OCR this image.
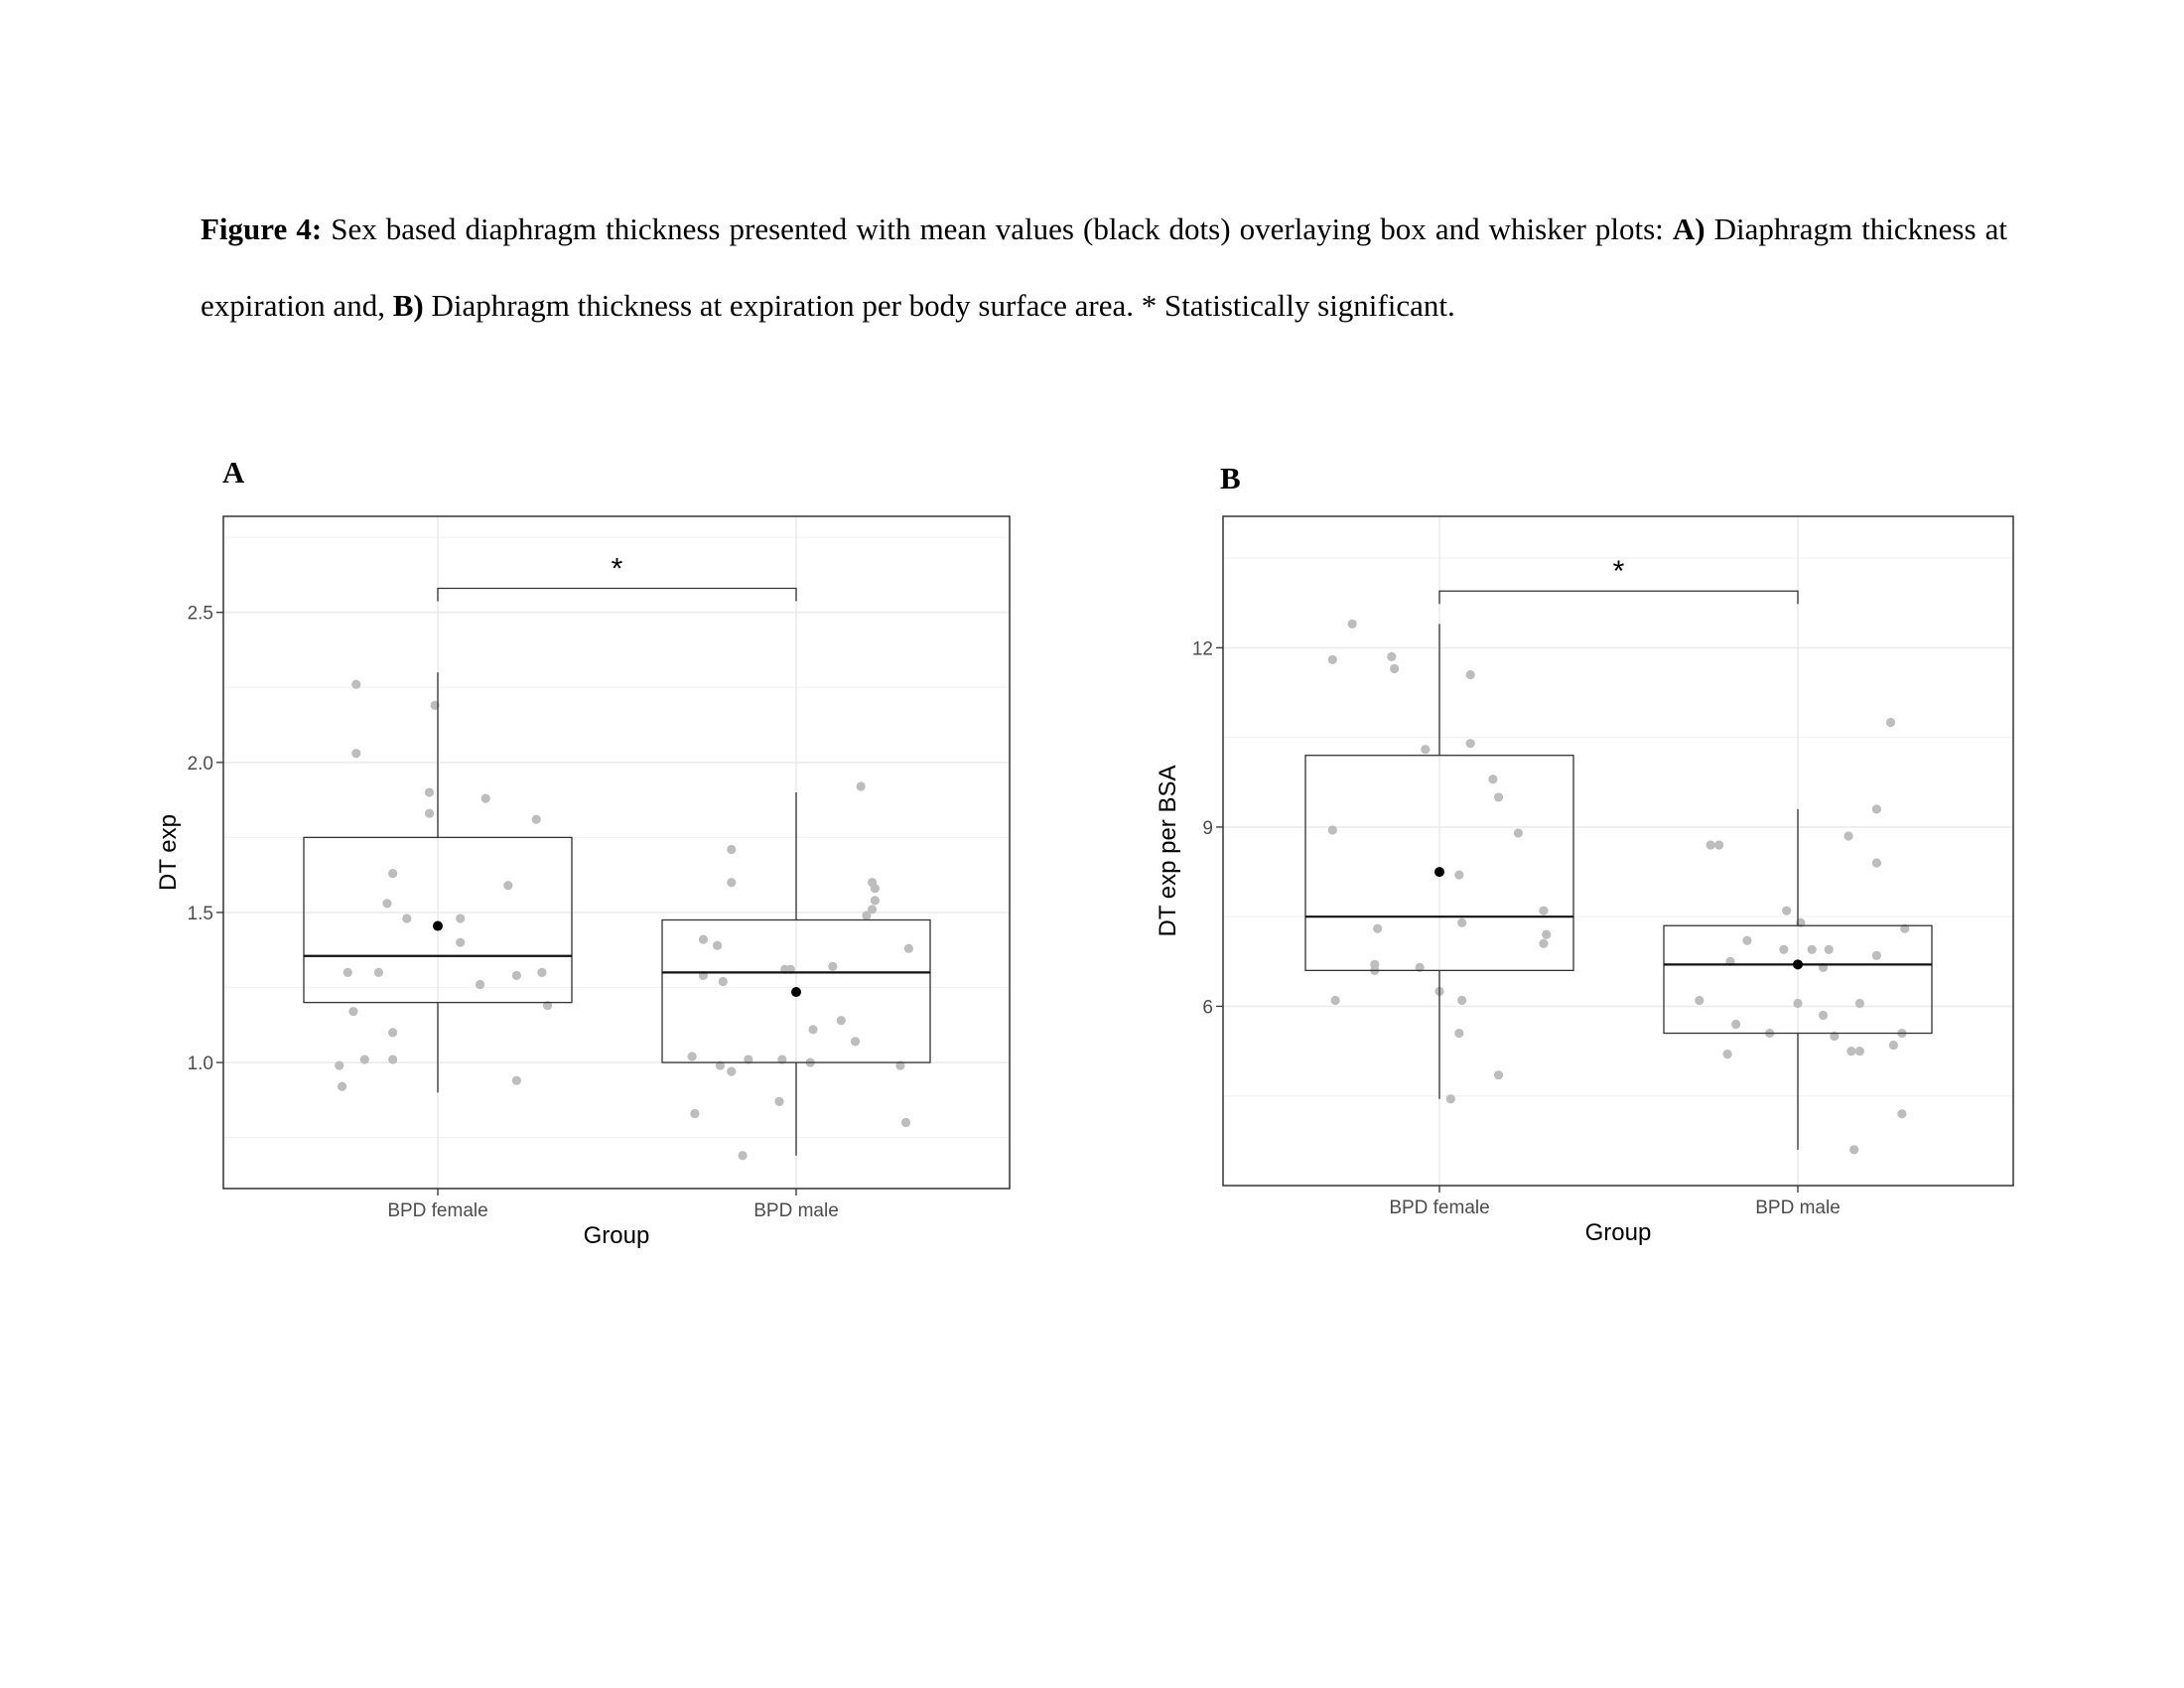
Figure 4: Sex based diaphragm thickness presented with mean values (black dots) overlaying box and whisker plots: A) Diaphragm thickness at expiration and, B) Diaphragm thickness at expiration per body surface area. * Statistically significant.
A	B
*
1.0
1.5
2.0
2.5
BPD female	BPD male
Group
DT exp
*
6
9
12
BPD female	BPD male
Group
DT exp per BSA
